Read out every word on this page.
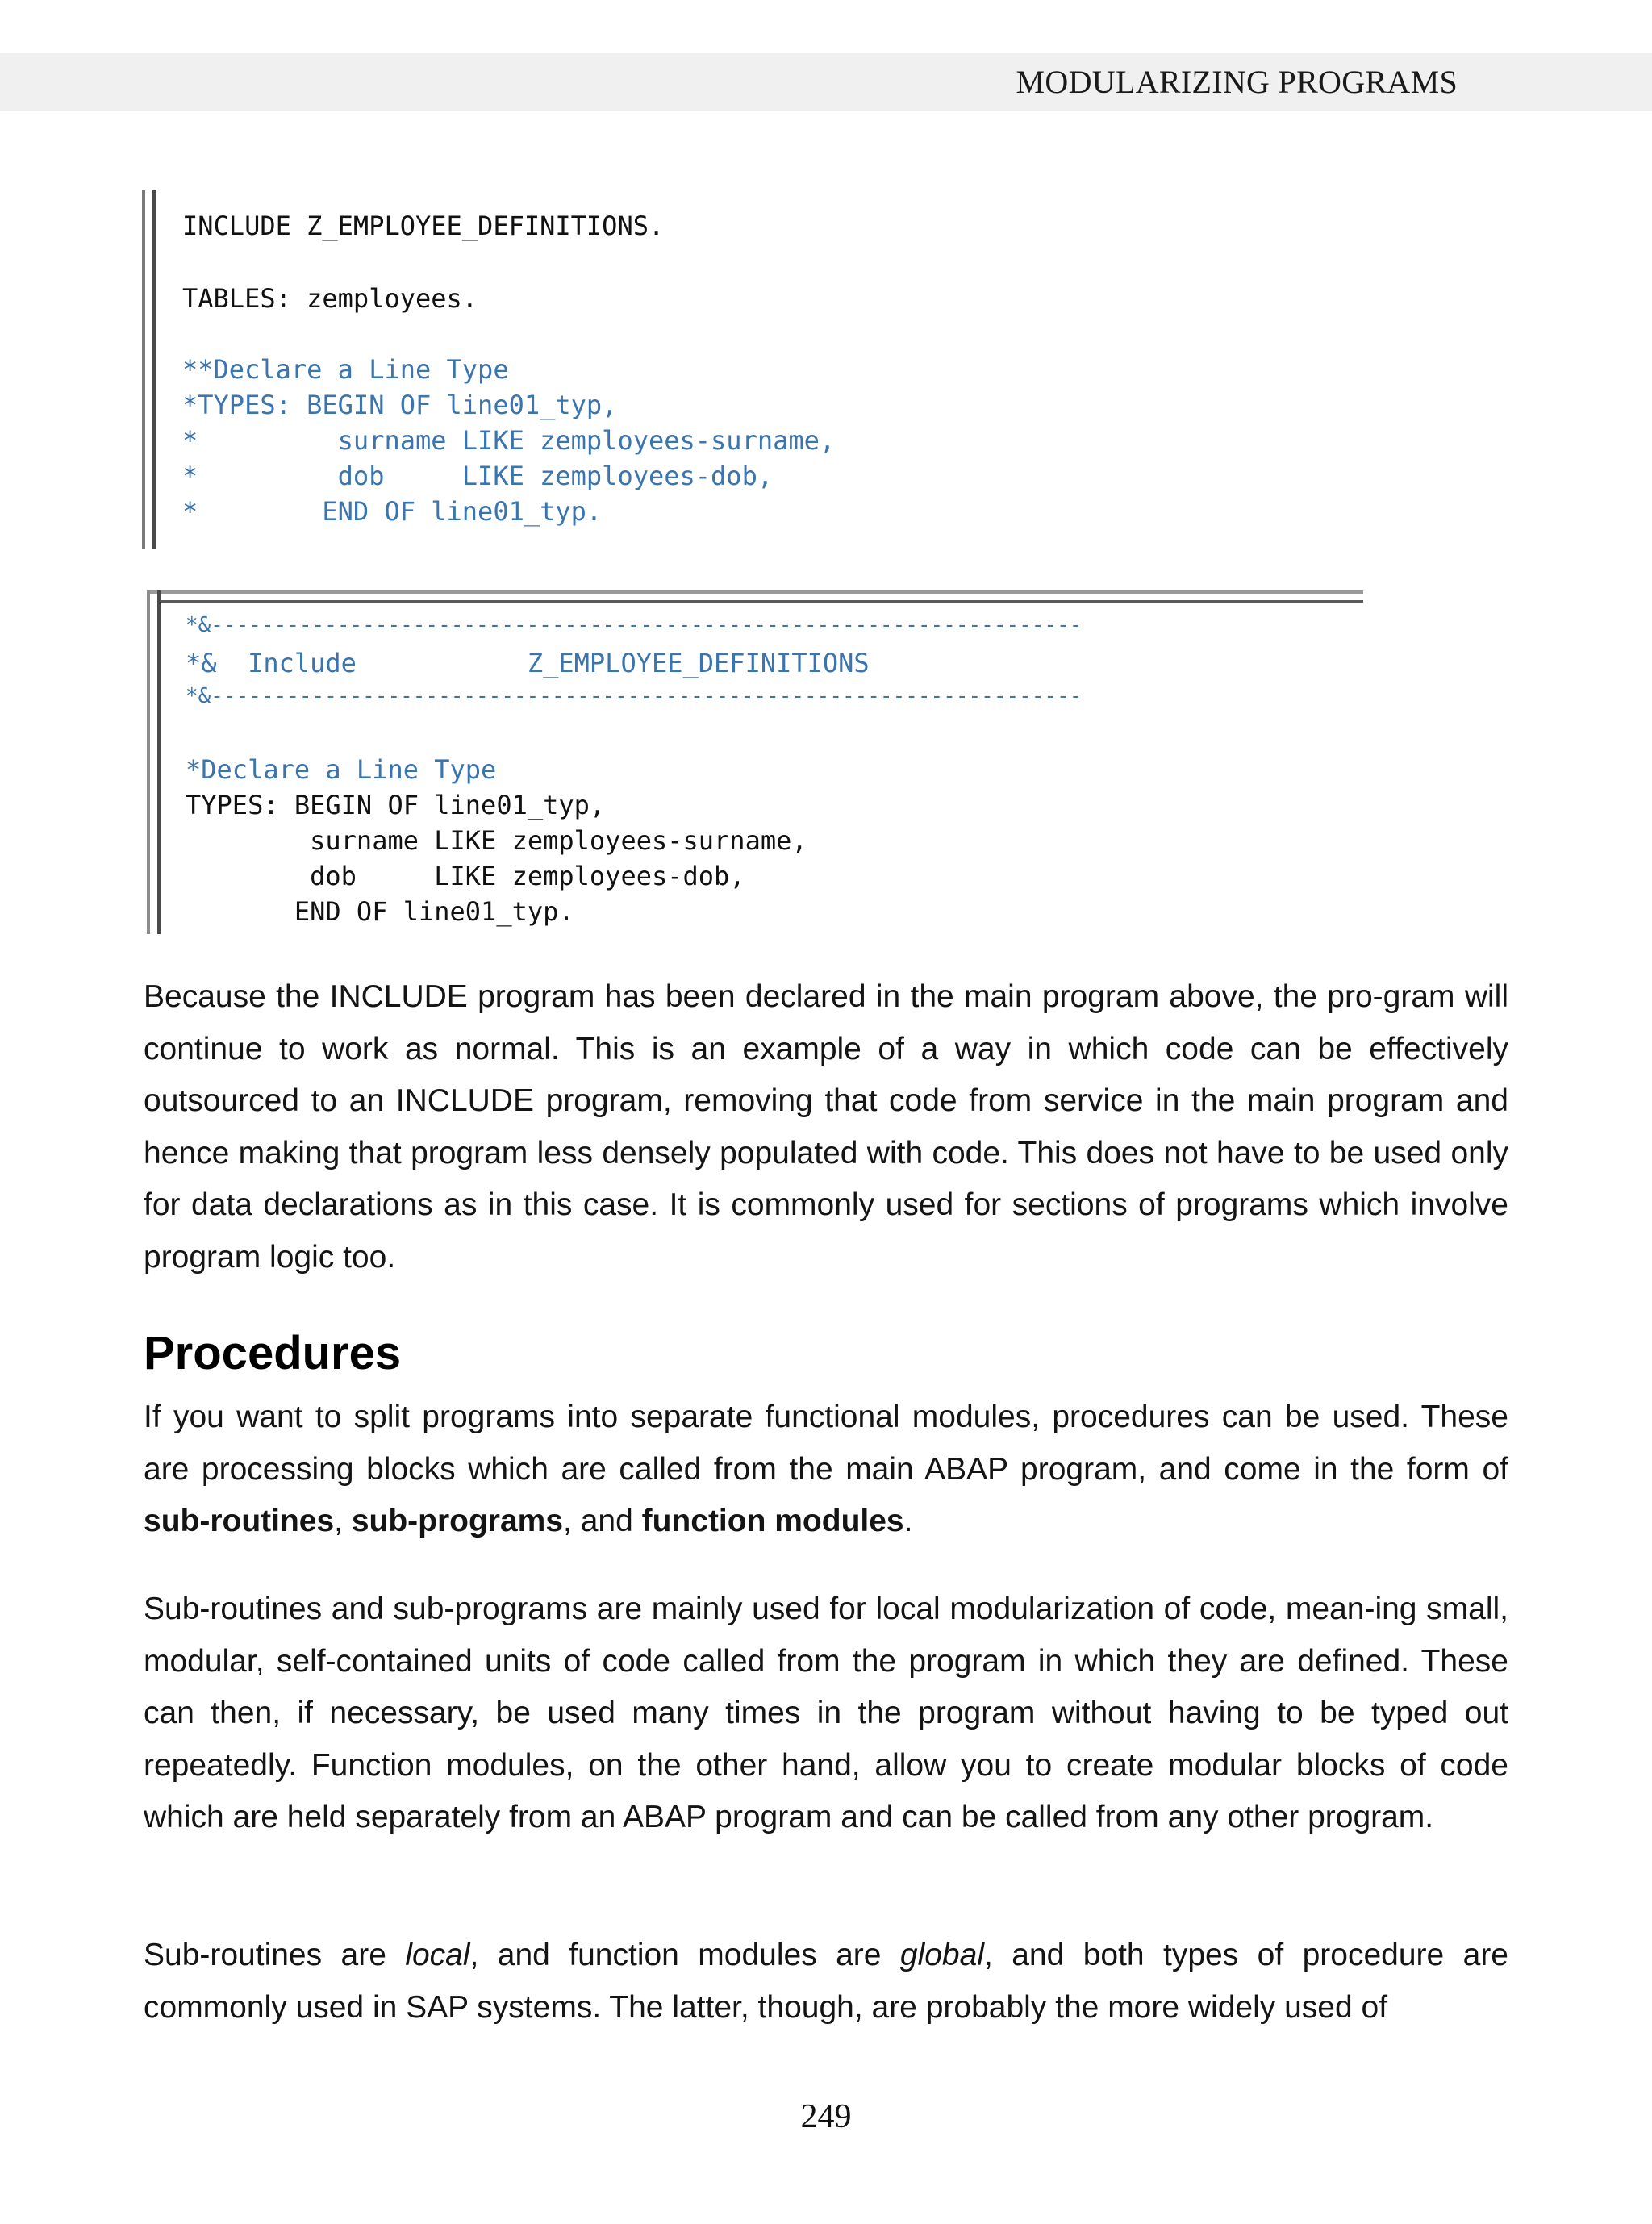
MODULARIZING PROGRAMS
INCLUDE Z_EMPLOYEE_DEFINITIONS.
TABLES: zemployees.
**Declare a Line Type
*TYPES: BEGIN OF line01_typ,
*         surname LIKE zemployees-surname,
*         dob     LIKE zemployees-dob,
*        END OF line01_typ.
*&---------------------------------------------------------------------
*&  Include           Z_EMPLOYEE_DEFINITIONS
*&---------------------------------------------------------------------
*Declare a Line Type
TYPES: BEGIN OF line01_typ,
surname LIKE zemployees-surname,
dob     LIKE zemployees-dob,
END OF line01_typ.

Because the INCLUDE program has been declared in the main program above, the pro-gram will continue to work as normal. This is an example of a way in which code can be effectively outsourced to an INCLUDE program, removing that code from service in the main program and hence making that program less densely populated with code. This does not have to be used only for data declarations as in this case. It is commonly used for sections of programs which involve program logic too.

Procedures

If you want to split programs into separate functional modules, procedures can be used. These are processing blocks which are called from the main ABAP program, and come in the form of sub-routines, sub-programs, and function modules.

Sub-routines and sub-programs are mainly used for local modularization of code, mean-ing small, modular, self-contained units of code called from the program in which they are defined. These can then, if necessary, be used many times in the program without having to be typed out repeatedly. Function modules, on the other hand, allow you to create modular blocks of code which are held separately from an ABAP program and can be called from any other program.

Sub-routines are local, and function modules are global, and both types of procedure are commonly used in SAP systems. The latter, though, are probably the more widely used of

249
